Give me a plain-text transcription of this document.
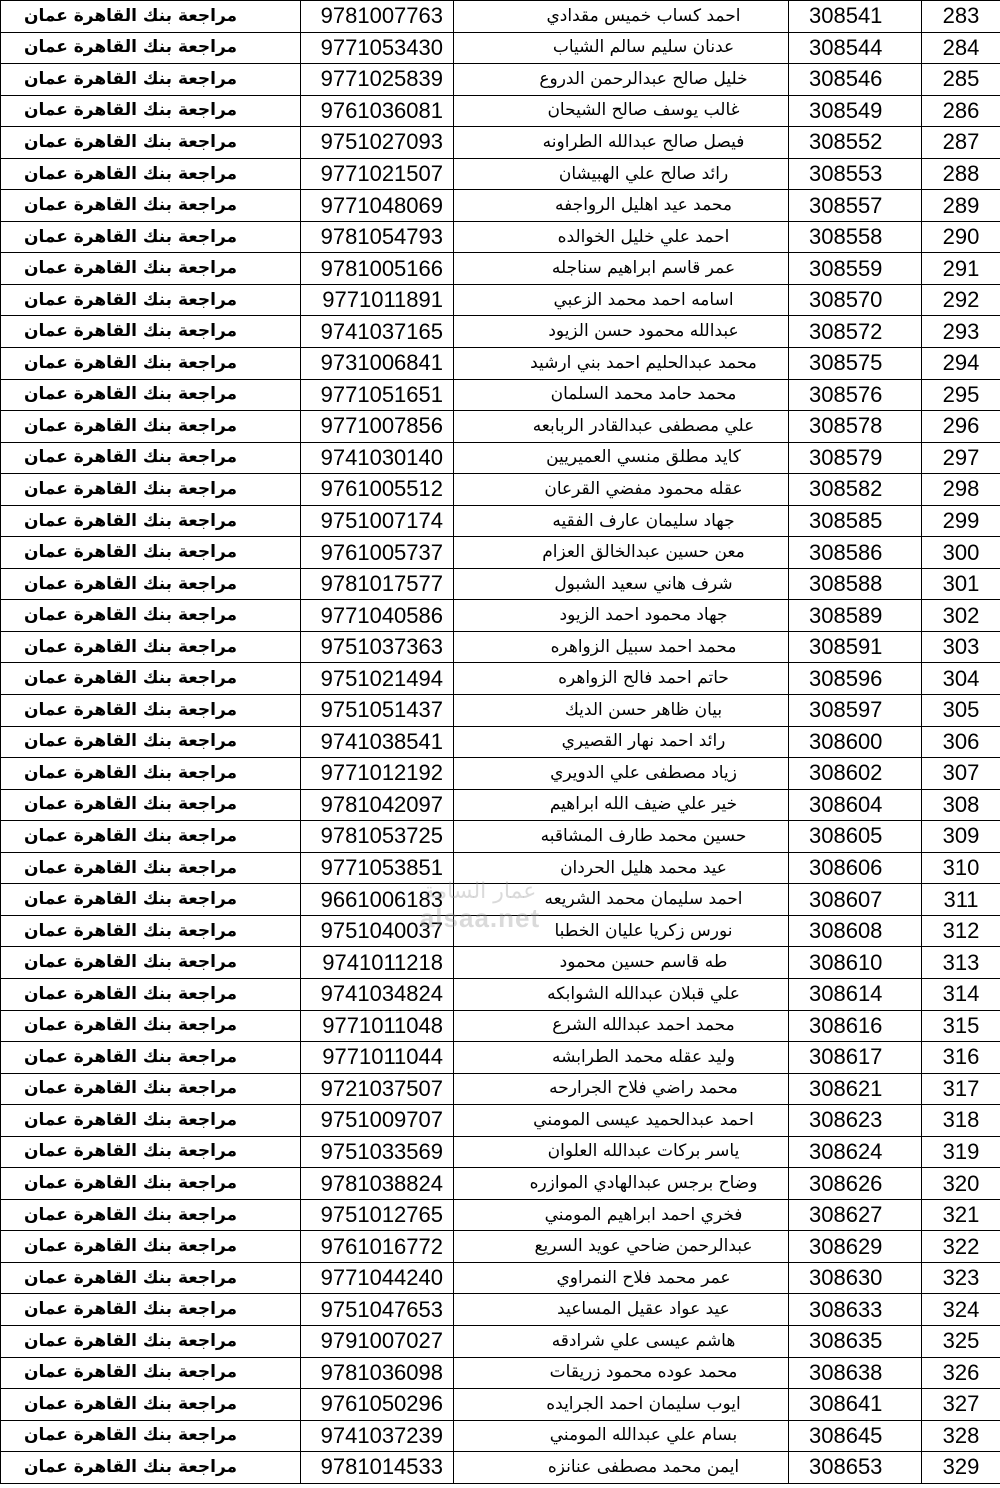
مراجعة بنك القاهرة عمان	9781007763	احمد كساب خميس مقدادي	308541	283
مراجعة بنك القاهرة عمان	9771053430	عدنان سليم سالم الشياب	308544	284
مراجعة بنك القاهرة عمان	9771025839	خليل صالح عبدالرحمن الدروع	308546	285
مراجعة بنك القاهرة عمان	9761036081	غالب يوسف صالح الشيحان	308549	286
مراجعة بنك القاهرة عمان	9751027093	فيصل صالح عبدالله الطراونه	308552	287
مراجعة بنك القاهرة عمان	9771021507	رائد صالح علي الهبيشان	308553	288
مراجعة بنك القاهرة عمان	9771048069	محمد عيد اهليل الرواجفه	308557	289
مراجعة بنك القاهرة عمان	9781054793	احمد علي خليل الخوالده	308558	290
مراجعة بنك القاهرة عمان	9781005166	عمر قاسم ابراهيم سناجله	308559	291
مراجعة بنك القاهرة عمان	9771011891	اسامه احمد محمد الزعبي	308570	292
مراجعة بنك القاهرة عمان	9741037165	عبدالله محمود حسن الزيود	308572	293
مراجعة بنك القاهرة عمان	9731006841	محمد عبدالحليم احمد بني ارشيد	308575	294
مراجعة بنك القاهرة عمان	9771051651	محمد حامد محمد السلمان	308576	295
مراجعة بنك القاهرة عمان	9771007856	علي مصطفى عبدالقادر الربابعه	308578	296
مراجعة بنك القاهرة عمان	9741030140	كايد مطلق منسي العميريين	308579	297
مراجعة بنك القاهرة عمان	9761005512	عقله محمود مفضي القرعان	308582	298
مراجعة بنك القاهرة عمان	9751007174	جهاد سليمان عارف الفقيه	308585	299
مراجعة بنك القاهرة عمان	9761005737	معن حسين عبدالخالق العزام	308586	300
مراجعة بنك القاهرة عمان	9781017577	شرف هاني سعيد الشبول	308588	301
مراجعة بنك القاهرة عمان	9771040586	جهاد محمود احمد الزيود	308589	302
مراجعة بنك القاهرة عمان	9751037363	محمد احمد سبيل الزواهره	308591	303
مراجعة بنك القاهرة عمان	9751021494	حاتم احمد فالح الزواهره	308596	304
مراجعة بنك القاهرة عمان	9751051437	بيان ظاهر حسن الديك	308597	305
مراجعة بنك القاهرة عمان	9741038541	رائد احمد نهار القصيري	308600	306
مراجعة بنك القاهرة عمان	9771012192	زياد مصطفى علي الدويري	308602	307
مراجعة بنك القاهرة عمان	9781042097	خير علي ضيف الله ابراهيم	308604	308
مراجعة بنك القاهرة عمان	9781053725	حسين محمد طارف المشاقبه	308605	309
مراجعة بنك القاهرة عمان	9771053851	عيد محمد هليل الحردان	308606	310
مراجعة بنك القاهرة عمان	9661006183	احمد سليمان محمد الشريعه	308607	311
مراجعة بنك القاهرة عمان	9751040037	نورس زكريا عليان الخطبا	308608	312
مراجعة بنك القاهرة عمان	9741011218	طه قاسم حسين محمود	308610	313
مراجعة بنك القاهرة عمان	9741034824	علي قبلان عبدالله الشوابكه	308614	314
مراجعة بنك القاهرة عمان	9771011048	محمد احمد عبدالله الشرع	308616	315
مراجعة بنك القاهرة عمان	9771011044	وليد عقله محمد الطرابشه	308617	316
مراجعة بنك القاهرة عمان	9721037507	محمد راضي فلاح الجرارحه	308621	317
مراجعة بنك القاهرة عمان	9751009707	احمد عبدالحميد عيسى المومني	308623	318
مراجعة بنك القاهرة عمان	9751033569	ياسر بركات عبدالله العلوان	308624	319
مراجعة بنك القاهرة عمان	9781038824	وضاح برجس عبدالهادي الموازره	308626	320
مراجعة بنك القاهرة عمان	9751012765	فخري احمد ابراهيم المومني	308627	321
مراجعة بنك القاهرة عمان	9761016772	عبدالرحمن ضاحي عويد السريع	308629	322
مراجعة بنك القاهرة عمان	9771044240	عمر محمد فلاح النمراوي	308630	323
مراجعة بنك القاهرة عمان	9751047653	عيد عواد عقيل المساعيد	308633	324
مراجعة بنك القاهرة عمان	9791007027	هاشم عيسى علي شرادقه	308635	325
مراجعة بنك القاهرة عمان	9781036098	محمد عوده محمود زريقات	308638	326
مراجعة بنك القاهرة عمان	9761050296	ايوب سليمان احمد الجرايده	308641	327
مراجعة بنك القاهرة عمان	9741037239	بسام علي عبدالله المومني	308645	328
مراجعة بنك القاهرة عمان	9781014533	ايمن محمد مصطفى عنانزه	308653	329
عمار السامة
alsaa.net
